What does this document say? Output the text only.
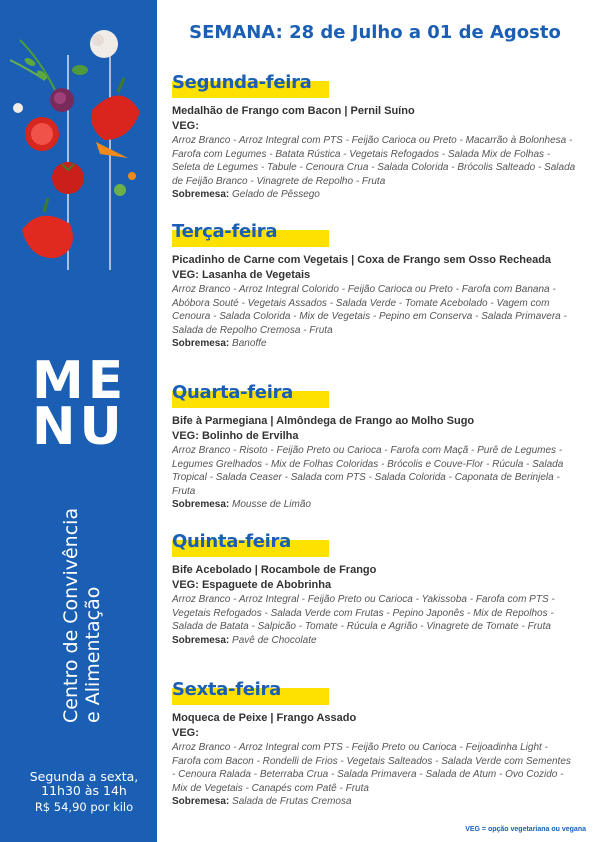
ME
NU
Centro de Convivência e Alimentação
Segunda a sexta,
11h30 às 14h
R$ 54,90 por kilo
SEMANA: 28 de Julho a 01 de Agosto
Segunda-feira
Medalhão de Frango com Bacon | Pernil Suíno
VEG:
Arroz Branco - Arroz Integral com PTS - Feijão Carioca ou Preto - Macarrão à Bolonhesa - Farofa com Legumes - Batata Rústica - Vegetais Refogados - Salada Mix de Folhas - Seleta de Legumes - Tabule - Cenoura Crua - Salada Colorida - Brócolis Salteado - Salada de Feijão Branco - Vinagrete de Repolho - Fruta
Sobremesa: Gelado de Pêssego
Terça-feira
Picadinho de Carne com Vegetais | Coxa de Frango sem Osso Recheada
VEG: Lasanha de Vegetais
Arroz Branco - Arroz Integral Colorido - Feijão Carioca ou Preto - Farofa com Banana - Abóbora Souté - Vegetais Assados - Salada Verde - Tomate Acebolado - Vagem com Cenoura - Salada Colorida - Mix de Vegetais - Pepino em Conserva - Salada Primavera - Salada de Repolho Cremosa - Fruta
Sobremesa: Banoffe
Quarta-feira
Bife à Parmegiana | Almôndega de Frango ao Molho Sugo
VEG: Bolinho de Ervilha
Arroz Branco - Risoto - Feijão Preto ou Carioca - Farofa com Maçã - Purê de Legumes - Legumes Grelhados - Mix de Folhas Coloridas - Brócolis e Couve-Flor - Rúcula - Salada Tropical - Salada Ceaser - Salada com PTS - Salada Colorida - Caponata de Berinjela - Fruta
Sobremesa: Mousse de Limão
Quinta-feira
Bife Acebolado | Rocambole de Frango
VEG: Espaguete de Abobrinha
Arroz Branco - Arroz Integral - Feijão Preto ou Carioca - Yakissoba - Farofa com PTS - Vegetais Refogados - Salada Verde com Frutas - Pepino Japonês - Mix de Repolhos - Salada de Batata - Salpicão - Tomate - Rúcula e Agrião - Vinagrete de Tomate - Fruta
Sobremesa: Pavê de Chocolate
Sexta-feira
Moqueca de Peixe | Frango Assado
VEG:
Arroz Branco - Arroz Integral com PTS - Feijão Preto ou Carioca - Feijoadinha Light - Farofa com Bacon - Rondelli de Frios - Vegetais Salteados - Salada Verde com Sementes - Cenoura Ralada - Beterraba Crua - Salada Primavera - Salada de Atum - Ovo Cozido - Mix de Vegetais - Canapés com Patê - Fruta
Sobremesa: Salada de Frutas Cremosa
VEG = opção vegetariana ou vegana
